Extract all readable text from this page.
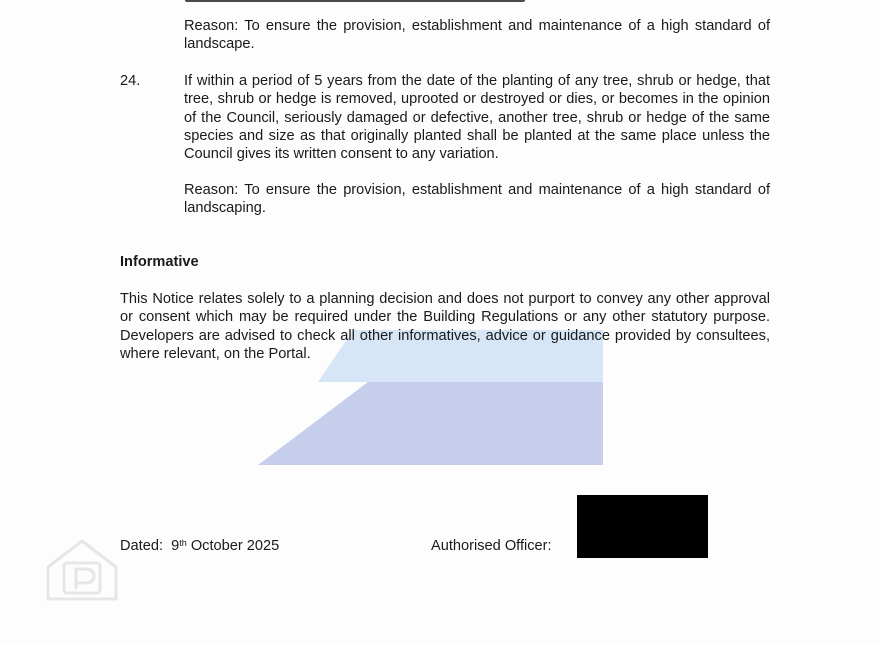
Reason: To ensure the provision, establishment and maintenance of a high standard of landscape.

24.	If within a period of 5 years from the date of the planting of any tree, shrub or hedge, that tree, shrub or hedge is removed, uprooted or destroyed or dies, or becomes in the opinion of the Council, seriously damaged or defective, another tree, shrub or hedge of the same species and size as that originally planted shall be planted at the same place unless the Council gives its written consent to any variation.

Reason: To ensure the provision, establishment and maintenance of a high standard of landscaping.

Informative

This Notice relates solely to a planning decision and does not purport to convey any other approval or consent which may be required under the Building Regulations or any other statutory purpose. Developers are advised to check all other informatives, advice or guidance provided by consultees, where relevant, on the Portal.

Dated: 9th October 2025	Authorised Officer:
